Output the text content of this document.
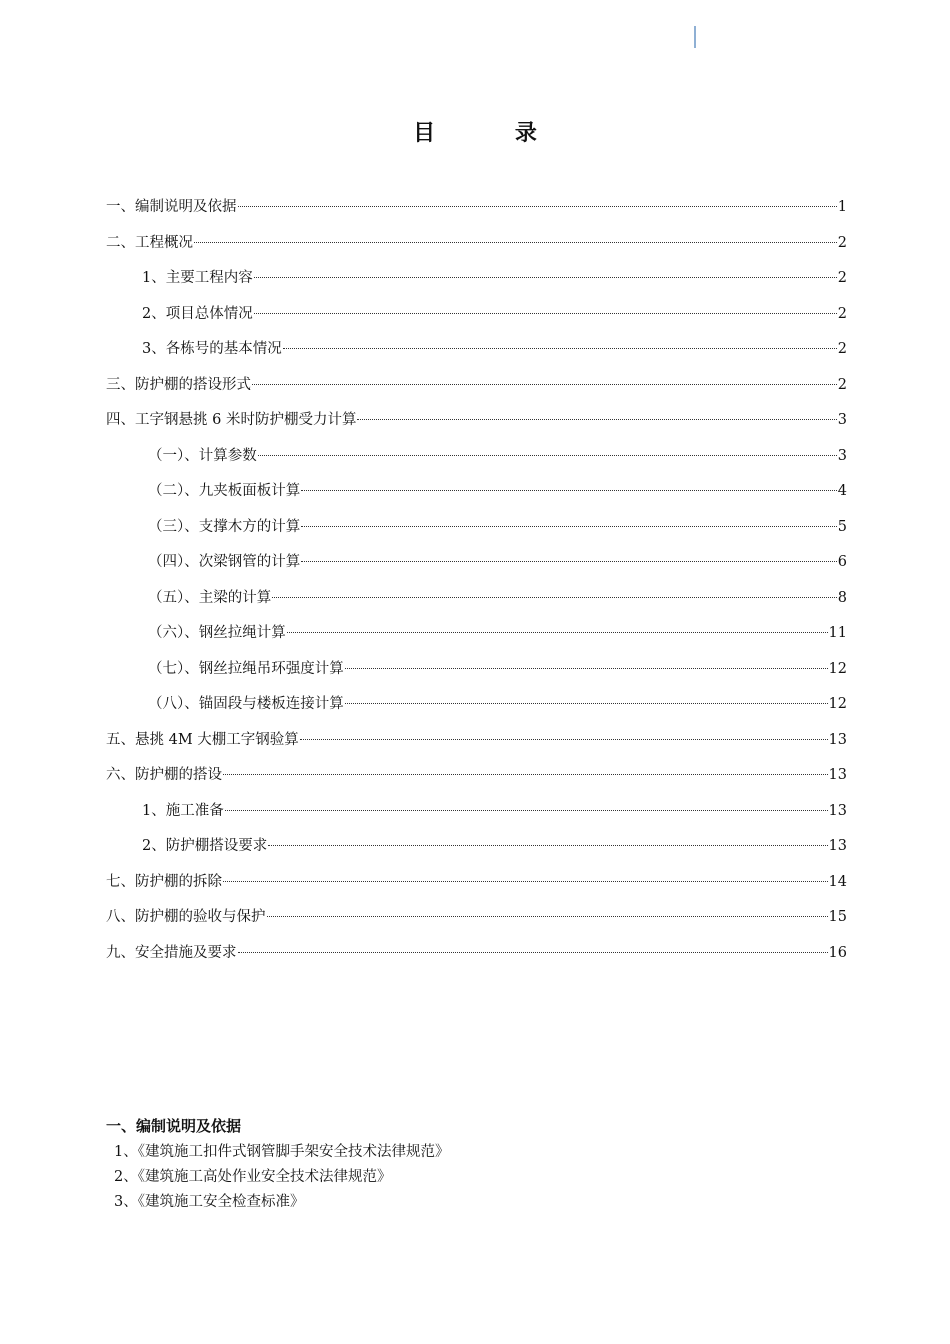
目 录
一、编制说明及依据	1
二、工程概况	2
1、主要工程内容	2
2、项目总体情况	2
3、各栋号的基本情况	2
三、防护棚的搭设形式	2
四、工字钢悬挑 6 米时防护棚受力计算	3
（一）、计算参数	3
（二）、九夹板面板计算	4
（三）、支撑木方的计算	5
（四）、次梁钢管的计算	6
（五）、主梁的计算	8
（六）、钢丝拉绳计算	11
（七）、钢丝拉绳吊环强度计算	12
（八）、锚固段与楼板连接计算	12
五、悬挑 4M 大棚工字钢验算	13
六、防护棚的搭设	13
1、施工准备	13
2、防护棚搭设要求	13
七、防护棚的拆除	14
八、防护棚的验收与保护	15
九、安全措施及要求	16
一、编制说明及依据
1、《建筑施工扣件式钢管脚手架安全技术法律规范》
2、《建筑施工高处作业安全技术法律规范》
3、《建筑施工安全检查标准》
